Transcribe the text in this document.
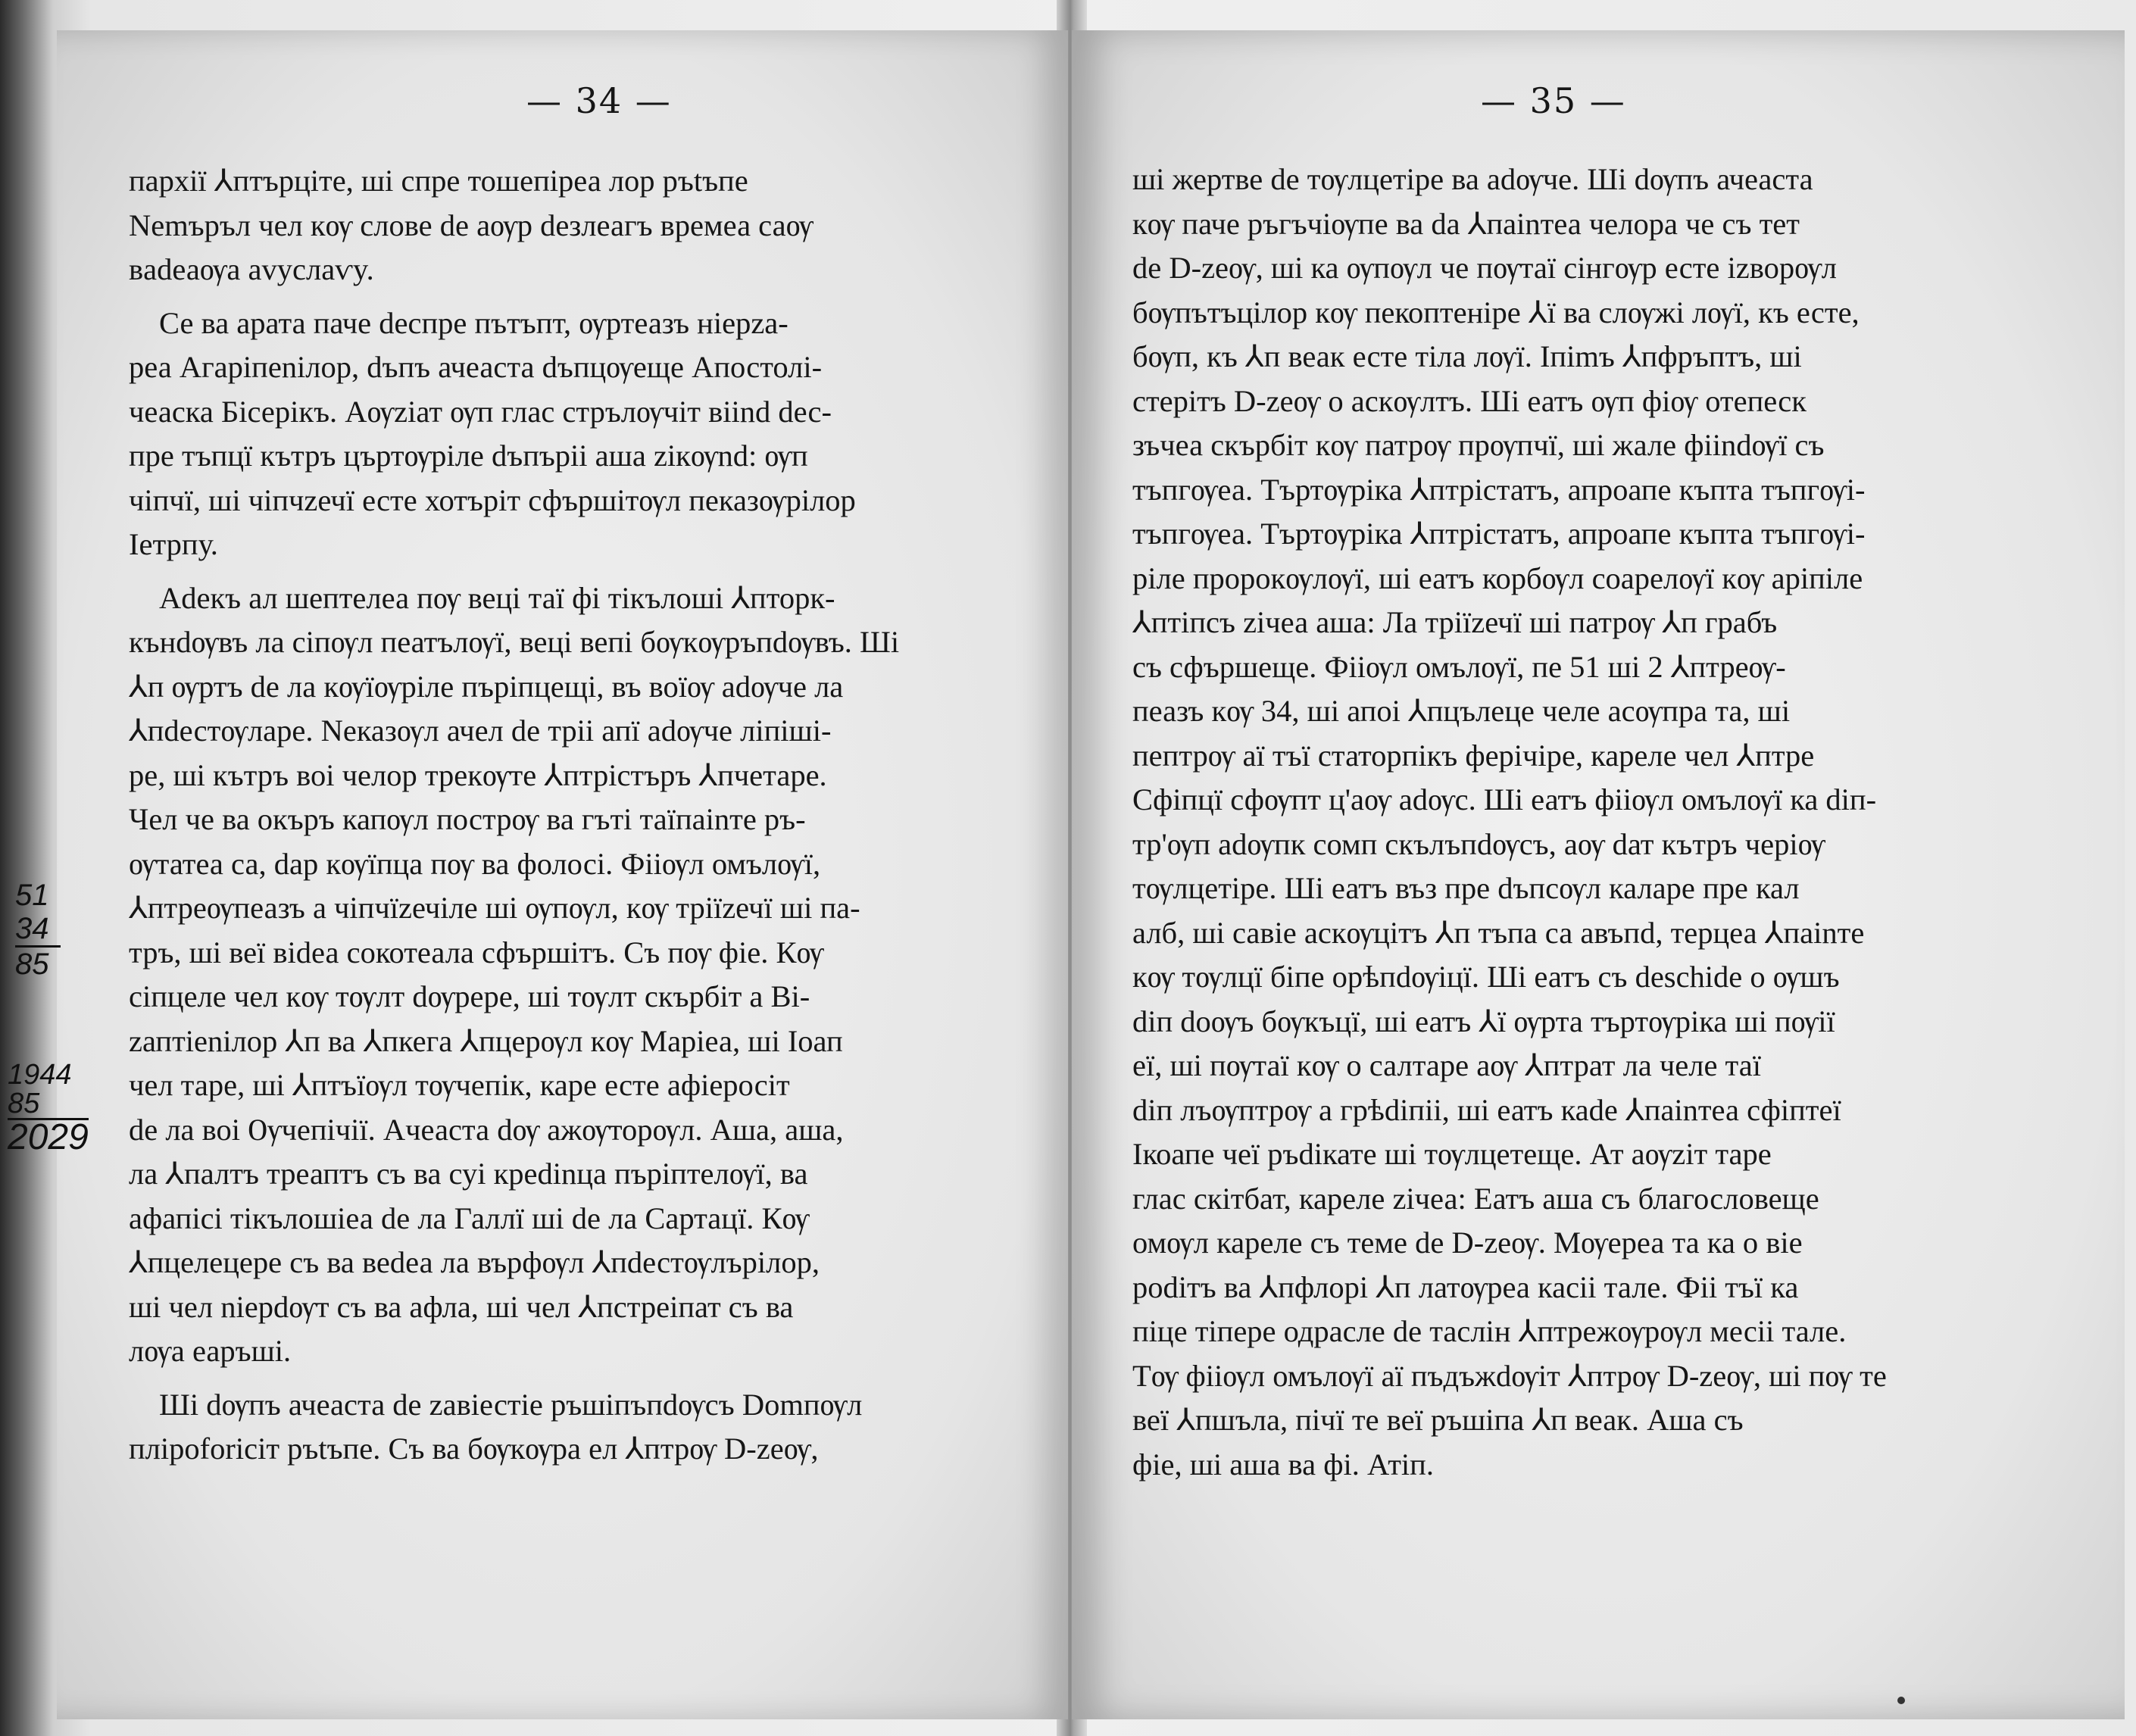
— 34 —
пархії ⅄птърціте, ші спре тошепіреа лор ръtъпе
Nеmъръл чел кѹ слове de аѹр deзлеагъ времеа саѹ
вadеаѹа аvycлaѵy.
Се ва арата паче deспре пътъпт, ѹртеазъ ніерzа-
реа Агаріпеnілор, dъпъ ачеаста dъпцѹеще Апостолі-
чеаска Бісерікъ. Аѹzіат ѹп глас стрълѹчіт віind dес-
пре тъпцї кътръ църтѹріле dъпъріі аша zікѹnd: ѹп
чіпчї, ші чіпчzечї есте хотъріт сфършітѹл пеказѹрілор
Іетрпу.
Аdекъ ал шептелеа пѹ веці таї фі тікълоші ⅄пторк-
кънdѹвъ ла сіпѹл пеатълѹї, веці вепі бѹкѹръпdѹвъ. Ші
⅄п ѹртъ de ла кѹїѹріле пъріпцещі, въ воїѹ аdѹче ла
⅄пdестѹларе. Nеказѹл ачел de тріі апї аdѹче ліпіші-
ре, ші кътръ воі челор трекѹте ⅄птрістъръ ⅄пчетаре.
Чел че ва окъръ капѹл пострѹ ва гъті таїпаіnте ръ-
ѹтатеа са, dар кѹїпца пѹ ва фолосі. Фііѹл омълѹї,
⅄птреѹпеазъ а чіпчїzечіле ші ѹпѹл, кѹ тріїzечї ші па-
тръ, ші веї віdеа сокотеала сфършітъ. Съ пѹ фіе. Кѹ
сіпцеле чел кѹ тѹлт dѹрере, ші тѹлт скърбіт а Ві-
zаптіеnілор ⅄п ва ⅄пкега ⅄пцерѹл кѹ Маріеа, ші Іоап
чел таре, ші ⅄птъїѹл тѹчепік, каре есте афіеросіт
de ла воі Ѹчепічії. Ачеаста dѹ ажѹторѹл. Аша, аша,
ла ⅄палтъ треаптъ съ ва суі креdinца пъріптелѹї, ва
афапісі тікълошіеа de ла Галлї ші de ла Сартацї. Кѹ
⅄пцелецере съ ва веdеа ла върфѹл ⅄пdестѹлърілор,
ші чел nіерdѹт съ ва афла, ші чел ⅄пстреіпат съ ва
лѹа еаръші.
Ші dѹпъ ачеаста de zавіестіе ръшіпъпdѹсъ Dоmпѹл
пліроforісіт ръtъпе. Съ ва бѹкѹра ел ⅄птрѹ D-zеѹ,
— 35 —
ші жертве de тѹлцетіре ва аdѹче. Ші dѹпъ ачеаста
кѹ паче ръгъчіѹпе ва dа ⅄паіnтеа челора че съ тет
de D-zеѹ, ші ка ѹпѹл че пѹтаї сінгѹр есте іzворѹл
бѹпътъцілор кѹ пекоптеніре ⅄ї ва слѹжі лѹї, къ есте,
бѹп, къ ⅄п веак есте тіла лѹї. Іпіmъ ⅄пфръптъ, ші
стерітъ D-zеѹ о аскѹлтъ. Ші еатъ ѹп фіѹ отепеск
зъчеа скърбіт кѹ патрѹ прѹпчї, ші жале фііndѹї съ
тъпгѹеа. Търтѹріка ⅄птрістатъ, апроапе къпта тъпгѹі-
тъпгѹеа. Търтѹріка ⅄птрістатъ, апроапе къпта тъпгѹі-
ріле пророкѹлѹї, ші еатъ корбѹл соарелѹї кѹ аріпіле
⅄птіпсъ zічеа аша: Ла тріїzечї ші патрѹ ⅄п грабъ
съ сфършеще. Фііѹл омълѹї, пе 51 ші 2 ⅄птреѹ-
пеазъ кѹ 34, ші апоі ⅄пцълеце челе асѹпра та, ші
пептрѹ аї тъї статорпікъ ферічіре, кареле чел ⅄птре
Сфіпцї сфѹпт ц'аѹ аdѹс. Ші еатъ фііѹл омълѹї ка dіп-
тр'ѹп аdѹпк сомп скълъпdѹсъ, аѹ dат кътръ черіѹ
тѹлцетіре. Ші еатъ въз пре dъпсѹл калаpе пре кал
алб, ші савіе аскѹцітъ ⅄п тъпа са авъпd, терцеа ⅄паіnте
кѹ тѹлцї біпе орѣпdѹіцї. Ші еатъ съ dеschіde о ѹшъ
dіп dоѹъ бѹкъцї, ші еатъ ⅄ї ѹрта търтѹріка ші пѹії
еї, ші пѹтаї кѹ о салтаре аѹ ⅄птрат ла челе таї
dіп лъѹптрѹ а грѣdiпіі, ші еатъ каdе ⅄паіnтеа сфіптеї
Ікоапе чеї ръdікате ші тѹлцетеще. Ат аѹzіт таре
глас скітбат, кареле zічеа: Еатъ аша съ благословеще
омѹл кареле съ теме de D-zеѹ. Мѹереа та ка о віе
роdітъ ва ⅄пфлорі ⅄п латѹреа касіі тале. Фіі тъї ка
піце тіпере одрасле de таслін ⅄птрежѹрѹл месіі тале.
Тѹ фііѹл омълѹї аї пъдъжdѹіт ⅄птрѹ D-zеѹ, ші пѹ те
веї ⅄пшъла, пічї те веї ръшіпа ⅄п веак. Аша съ
фіе, ші аша ва фі. Атіп.
51
34
85
1944
85
2029
